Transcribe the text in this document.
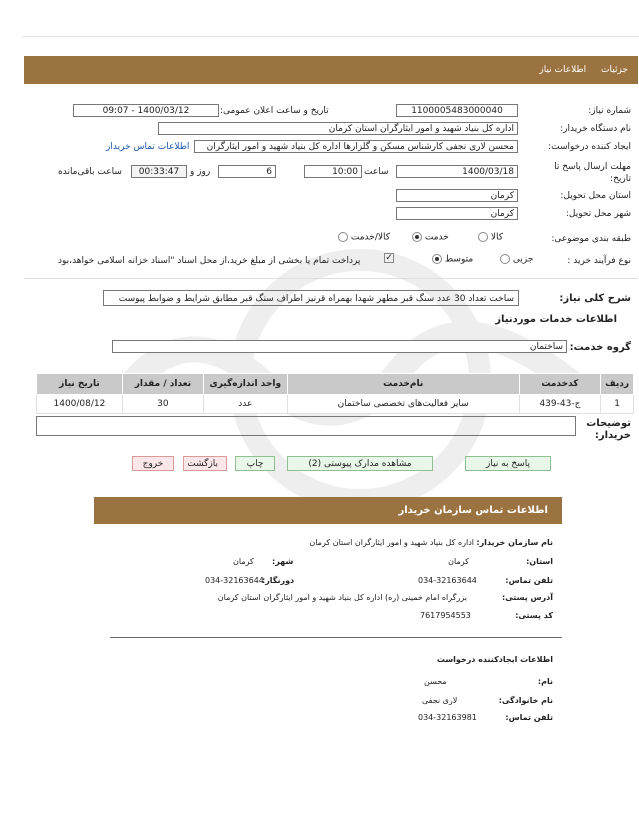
جزئیات اطلاعات نیاز
شماره نیاز:
1100005483000040
تاریخ و ساعت اعلان عمومی:
1400/03/12 - 09:07
نام دستگاه خریدار:
اداره کل بنیاد شهید و امور ایثارگران استان کرمان
ایجاد کننده درخواست:
محسن لاری نجفی کارشناس مسکن و گلزارها اداره کل بنیاد شهید و امور ایثارگران
اطلاعات تماس خریدار
مهلت ارسال پاسخ تا تاریخ:
1400/03/18
ساعت
10:00
6
روز و
00:33:47
ساعت باقی‌مانده
استان محل تحویل:
کرمان
شهر محل تحویل:
کرمان
طبقه بندی موضوعی:
کالا
خدمت
کالا/خدمت
نوع فرآیند خرید :
جزیی
متوسط
پرداخت تمام یا بخشی از مبلغ خرید،از محل اسناد "اسناد خزانه اسلامی خواهد،بود	✓
شرح کلی نیاز:
ساخت تعداد 30 عدد سنگ قبر مطهر شهدا بهمراه قرنیز اطراف سنگ قبر مطابق شرایط و ضوابط پیوست
اطلاعات خدمات موردنیاز
گروه خدمت:
ساختمان
ردیف	کدخدمت	نام‌خدمت	واحد اندازه‌گیری	تعداد / مقدار	تاریخ نیاز
1	ج-43-439	سایر فعالیت‌های تخصصی ساختمان	عدد	30	1400/08/12
توضیحات خریدار:
پاسخ به نیاز
مشاهده مدارک پیوستی (2)
چاپ
بازگشت
خروج
اطلاعات تماس سازمان خریدار
نام سازمان خریدار:
اداره کل بنیاد شهید و امور ایثارگران استان کرمان
استان:
کرمان
شهر:
کرمان
تلفن تماس:
034-32163644
دورنگار:
034-32163644
آدرس پستی:
بزرگراه امام خمینی (ره) اداره کل بنیاد شهید و امور ایثارگران استان کرمان
کد پستی:
7617954553
اطلاعات ایجادکننده درخواست
نام:
محسن
نام خانوادگی:
لاری نجفی
تلفن تماس:
034-32163981
